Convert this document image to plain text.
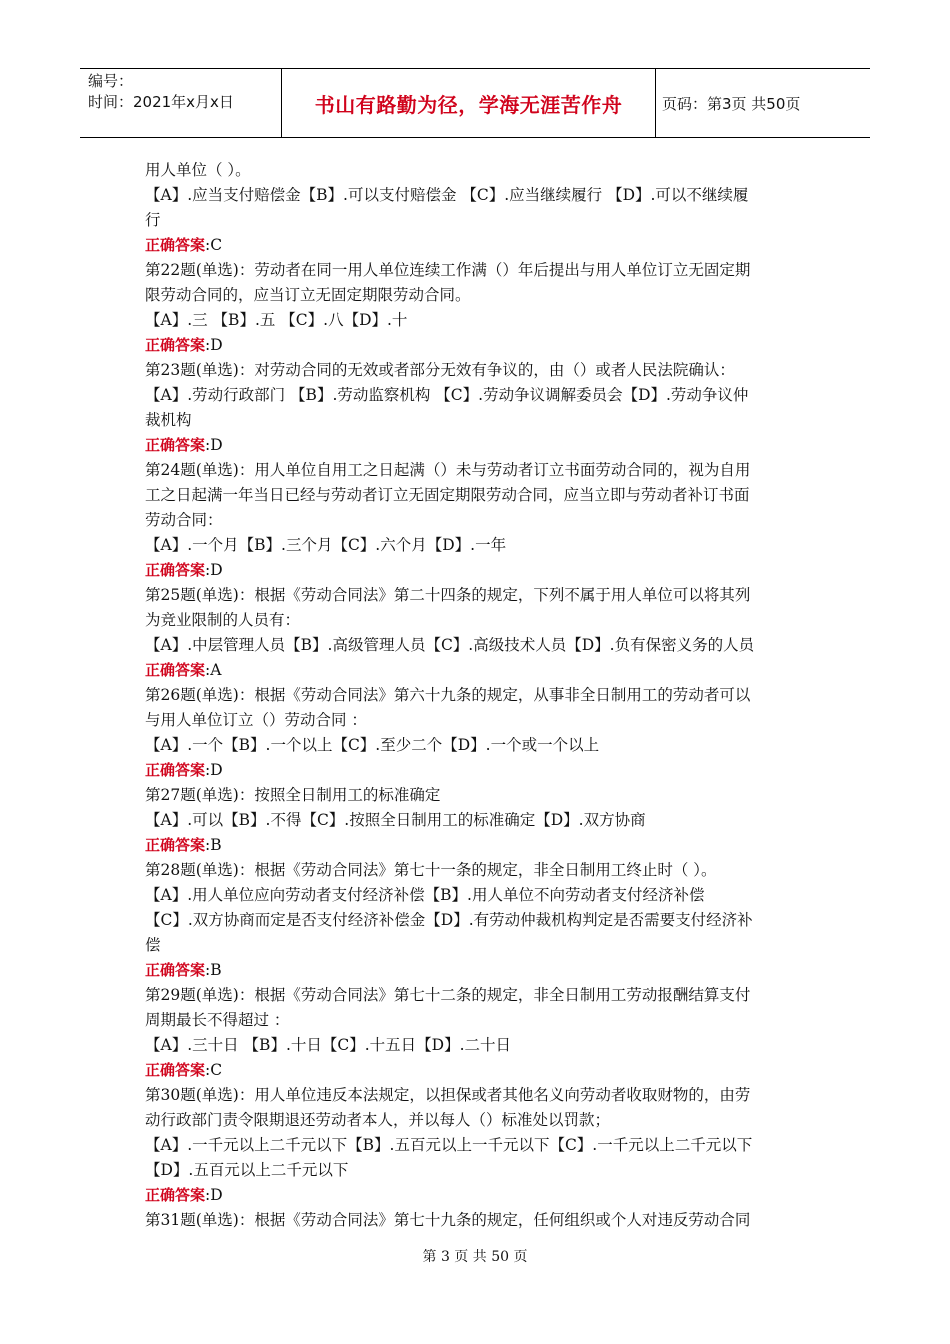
编号：
时间：2021年x月x日	书山有路勤为径，学海无涯苦作舟	页码：第3页 共50页
用人单位（ ）。
【A】.应当支付赔偿金【B】.可以支付赔偿金 【C】.应当继续履行 【D】.可以不继续履
行
正确答案:C
第22题(单选)：劳动者在同一用人单位连续工作满（）年后提出与用人单位订立无固定期
限劳动合同的，应当订立无固定期限劳动合同。
【A】.三 【B】.五 【C】.八【D】.十
正确答案:D
第23题(单选)：对劳动合同的无效或者部分无效有争议的，由（）或者人民法院确认：
【A】.劳动行政部门 【B】.劳动监察机构 【C】.劳动争议调解委员会【D】.劳动争议仲
裁机构
正确答案:D
第24题(单选)：用人单位自用工之日起满（）未与劳动者订立书面劳动合同的，视为自用
工之日起满一年当日已经与劳动者订立无固定期限劳动合同，应当立即与劳动者补订书面
劳动合同：
【A】.一个月【B】.三个月【C】.六个月【D】.一年
正确答案:D
第25题(单选)：根据《劳动合同法》第二十四条的规定，下列不属于用人单位可以将其列
为竞业限制的人员有：
【A】.中层管理人员【B】.高级管理人员【C】.高级技术人员【D】.负有保密义务的人员
正确答案:A
第26题(单选)：根据《劳动合同法》第六十九条的规定，从事非全日制用工的劳动者可以
与用人单位订立（）劳动合同 ：
【A】.一个【B】.一个以上【C】.至少二个【D】.一个或一个以上
正确答案:D
第27题(单选)：按照全日制用工的标准确定
【A】.可以【B】.不得【C】.按照全日制用工的标准确定【D】.双方协商
正确答案:B
第28题(单选)：根据《劳动合同法》第七十一条的规定，非全日制用工终止时（ ）。
【A】.用人单位应向劳动者支付经济补偿【B】.用人单位不向劳动者支付经济补偿
【C】.双方协商而定是否支付经济补偿金【D】.有劳动仲裁机构判定是否需要支付经济补
偿
正确答案:B
第29题(单选)：根据《劳动合同法》第七十二条的规定，非全日制用工劳动报酬结算支付
周期最长不得超过 ：
【A】.三十日 【B】.十日【C】.十五日【D】.二十日
正确答案:C
第30题(单选)：用人单位违反本法规定，以担保或者其他名义向劳动者收取财物的，由劳
动行政部门责令限期退还劳动者本人，并以每人（）标准处以罚款；
【A】.一千元以上二千元以下【B】.五百元以上一千元以下【C】.一千元以上二千元以下
【D】.五百元以上二千元以下
正确答案:D
第31题(单选)：根据《劳动合同法》第七十九条的规定，任何组织或个人对违反劳动合同
第 3 页 共 50 页
